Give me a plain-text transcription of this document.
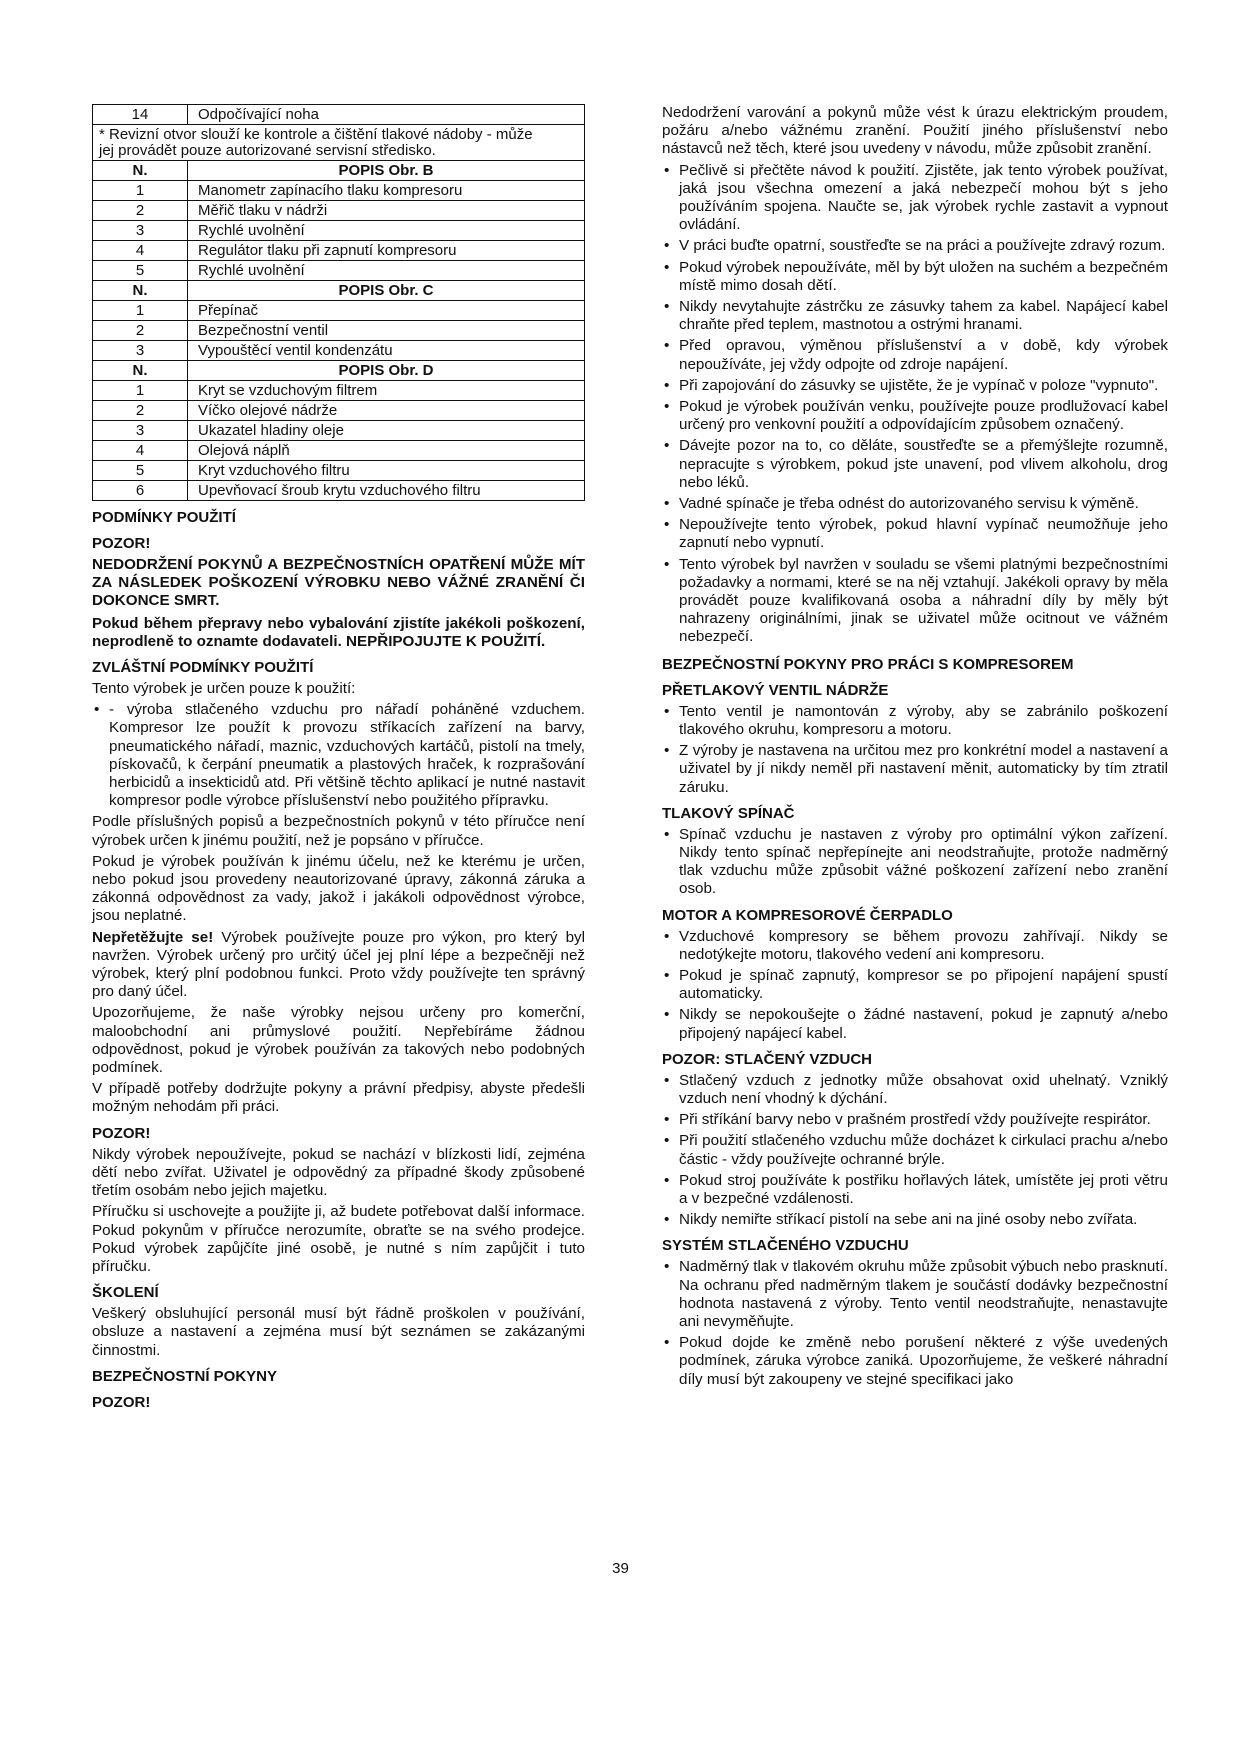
14	Odpočívající noha

* Revizní otvor slouží ke kontrole a čištění tlakové nádoby - může
jej provádět pouze autorizované servisní středisko.	

N.	POPIS Obr. B
1	Manometr zapínacího tlaku kompresoru
2	Měřič tlaku v nádrži
3	Rychlé uvolnění
4	Regulátor tlaku při zapnutí kompresoru
5	Rychlé uvolnění
N.	POPIS Obr. C
1	Přepínač
2	Bezpečnostní ventil
3	Vypouštěcí ventil kondenzátu
N.	POPIS Obr. D
1	Kryt se vzduchovým filtrem
2	Víčko olejové nádrže
3	Ukazatel hladiny oleje
4	Olejová náplň
5	Kryt vzduchového filtru
6	Upevňovací šroub krytu vzduchového filtru
PODMÍNKY POUŽITÍ
POZOR!

NEDODRŽENÍ POKYNŮ A BEZPEČNOSTNÍCH OPATŘENÍ MŮŽE MÍT ZA NÁSLEDEK POŠKOZENÍ VÝROBKU NEBO VÁŽNÉ ZRANĚNÍ ČI DOKONCE SMRT.

Pokud během přepravy nebo vybalování zjistíte jakékoli poškození, neprodleně to oznamte dodavateli. NEPŘIPOJUJTE K POUŽITÍ.

ZVLÁŠTNÍ PODMÍNKY POUŽITÍ

Tento výrobek je určen pouze k použití:

• - výroba stlačeného vzduchu pro nářadí poháněné vzduchem. Kompresor lze použít k provozu stříkacích zařízení na barvy, pneumatického nářadí, maznic, vzduchových kartáčů, pistolí na tmely, pískovačů, k čerpání pneumatik a plastových hraček, k rozprašování herbicidů a insekticidů atd. Při většině těchto aplikací je nutné nastavit kompresor podle výrobce příslušenství nebo použitého přípravku.

Podle příslušných popisů a bezpečnostních pokynů v této příručce není výrobek určen k jinému použití, než je popsáno v příručce.

Pokud je výrobek používán k jinému účelu, než ke kterému je určen, nebo pokud jsou provedeny neautorizované úpravy, zákonná záruka a zákonná odpovědnost za vady, jakož i jakákoli odpovědnost výrobce, jsou neplatné.

Nepřetěžujte se! Výrobek používejte pouze pro výkon, pro který byl navržen. Výrobek určený pro určitý účel jej plní lépe a bezpečněji než výrobek, který plní podobnou funkci. Proto vždy používejte ten správný pro daný účel.

Upozorňujeme, že naše výrobky nejsou určeny pro komerční, maloobchodní ani průmyslové použití. Nepřebíráme žádnou odpovědnost, pokud je výrobek používán za takových nebo podobných podmínek.

V případě potřeby dodržujte pokyny a právní předpisy, abyste předešli možným nehodám při práci.

POZOR!

Nikdy výrobek nepoužívejte, pokud se nachází v blízkosti lidí, zejména dětí nebo zvířat. Uživatel je odpovědný za případné škody způsobené třetím osobám nebo jejich majetku.

Příručku si uschovejte a použijte ji, až budete potřebovat další informace. Pokud pokynům v příručce nerozumíte, obraťte se na svého prodejce. Pokud výrobek zapůjčíte jiné osobě, je nutné s ním zapůjčit i tuto příručku.

ŠKOLENÍ

Veškerý obsluhující personál musí být řádně proškolen v používání, obsluze a nastavení a zejména musí být seznámen se zakázanými činnostmi.

BEZPEČNOSTNÍ POKYNY
POZOR!

Nedodržení varování a pokynů může vést k úrazu elektrickým proudem, požáru a/nebo vážnému zranění. Použití jiného příslušenství nebo nástavců než těch, které jsou uvedeny v návodu, může způsobit zranění.

• Pečlivě si přečtěte návod k použití. Zjistěte, jak tento výrobek používat, jaká jsou všechna omezení a jaká nebezpečí mohou být s jeho používáním spojena. Naučte se, jak výrobek rychle zastavit a vypnout ovládání.
• V práci buďte opatrní, soustřeďte se na práci a používejte zdravý rozum.
• Pokud výrobek nepoužíváte, měl by být uložen na suchém a bezpečném místě mimo dosah dětí.
• Nikdy nevytahujte zástrčku ze zásuvky tahem za kabel. Napájecí kabel chraňte před teplem, mastnotou a ostrými hranami.
• Před opravou, výměnou příslušenství a v době, kdy výrobek nepoužíváte, jej vždy odpojte od zdroje napájení.
• Při zapojování do zásuvky se ujistěte, že je vypínač v poloze "vypnuto".
• Pokud je výrobek používán venku, používejte pouze prodlužovací kabel určený pro venkovní použití a odpovídajícím způsobem označený.
• Dávejte pozor na to, co děláte, soustřeďte se a přemýšlejte rozumně, nepracujte s výrobkem, pokud jste unavení, pod vlivem alkoholu, drog nebo léků.
• Vadné spínače je třeba odnést do autorizovaného servisu k výměně.
• Nepoužívejte tento výrobek, pokud hlavní vypínač neumožňuje jeho zapnutí nebo vypnutí.
• Tento výrobek byl navržen v souladu se všemi platnými bezpečnostními požadavky a normami, které se na něj vztahují. Jakékoli opravy by měla provádět pouze kvalifikovaná osoba a náhradní díly by měly být nahrazeny originálními, jinak se uživatel může ocitnout ve vážném nebezpečí.
BEZPEČNOSTNÍ POKYNY PRO PRÁCI S KOMPRESOREM
PŘETLAKOVÝ VENTIL NÁDRŽE
• Tento ventil je namontován z výroby, aby se zabránilo poškození tlakového okruhu, kompresoru a motoru.
• Z výroby je nastavena na určitou mez pro konkrétní model a nastavení a uživatel by jí nikdy neměl při nastavení měnit, automaticky by tím ztratil záruku.
TLAKOVÝ SPÍNAČ
• Spínač vzduchu je nastaven z výroby pro optimální výkon zařízení. Nikdy tento spínač nepřepínejte ani neodstraňujte, protože nadměrný tlak vzduchu může způsobit vážné poškození zařízení nebo zranění osob.
MOTOR A KOMPRESOROVÉ ČERPADLO
• Vzduchové kompresory se během provozu zahřívají. Nikdy se nedotýkejte motoru, tlakového vedení ani kompresoru.
• Pokud je spínač zapnutý, kompresor se po připojení napájení spustí automaticky.
• Nikdy se nepokoušejte o žádné nastavení, pokud je zapnutý a/nebo připojený napájecí kabel.
POZOR: STLAČENÝ VZDUCH
• Stlačený vzduch z jednotky může obsahovat oxid uhelnatý. Vzniklý vzduch není vhodný k dýchání.
• Při stříkání barvy nebo v prašném prostředí vždy používejte respirátor.
• Při použití stlačeného vzduchu může docházet k cirkulaci prachu a/nebo částic - vždy používejte ochranné brýle.
• Pokud stroj používáte k postřiku hořlavých látek, umístěte jej proti větru a v bezpečné vzdálenosti.
• Nikdy nemiřte stříkací pistolí na sebe ani na jiné osoby nebo zvířata.
SYSTÉM STLAČENÉHO VZDUCHU
• Nadměrný tlak v tlakovém okruhu může způsobit výbuch nebo prasknutí. Na ochranu před nadměrným tlakem je součástí dodávky bezpečnostní hodnota nastavená z výroby. Tento ventil neodstraňujte, nenastavujte ani nevyměňujte.
• Pokud dojde ke změně nebo porušení některé z výše uvedených podmínek, záruka výrobce zaniká. Upozorňujeme, že veškeré náhradní díly musí být zakoupeny ve stejné specifikaci jako
39
